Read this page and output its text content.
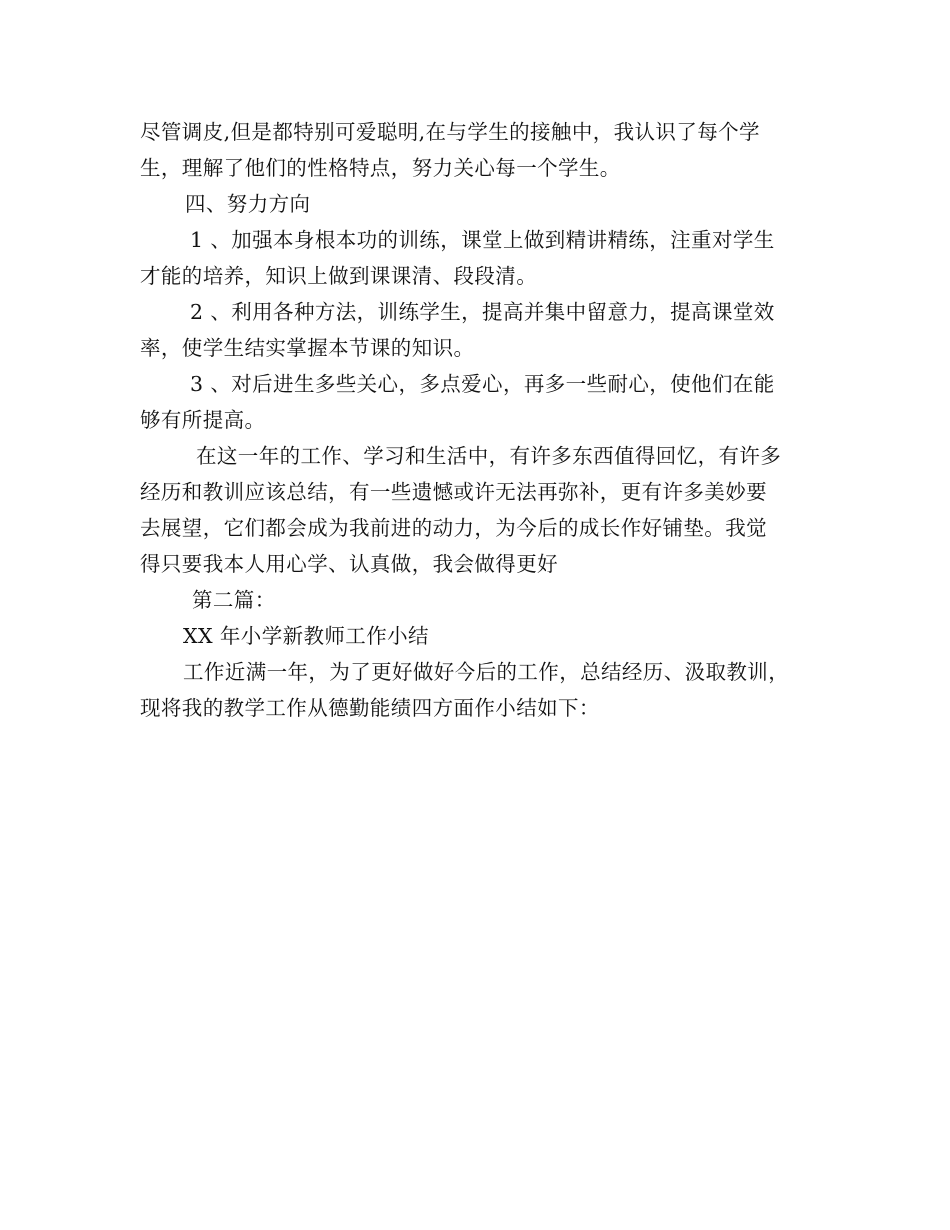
尽管调皮,但是都特别可爱聪明,在与学生的接触中，我认识了每个学
生，理解了他们的性格特点，努力关心每一个学生。
四、努力方向
1 、加强本身根本功的训练，课堂上做到精讲精练，注重对学生
才能的培养，知识上做到课课清、段段清。
2 、利用各种方法，训练学生，提高并集中留意力，提高课堂效
率，使学生结实掌握本节课的知识。
3 、对后进生多些关心，多点爱心，再多一些耐心，使他们在能
够有所提高。
在这一年的工作、学习和生活中，有许多东西值得回忆，有许多
经历和教训应该总结，有一些遗憾或许无法再弥补，更有许多美妙要
去展望，它们都会成为我前进的动力，为今后的成长作好铺垫。我觉
得只要我本人用心学、认真做，我会做得更好
第二篇：
XX 年小学新教师工作小结
工作近满一年，为了更好做好今后的工作，总结经历、汲取教训，
现将我的教学工作从德勤能绩四方面作小结如下：
